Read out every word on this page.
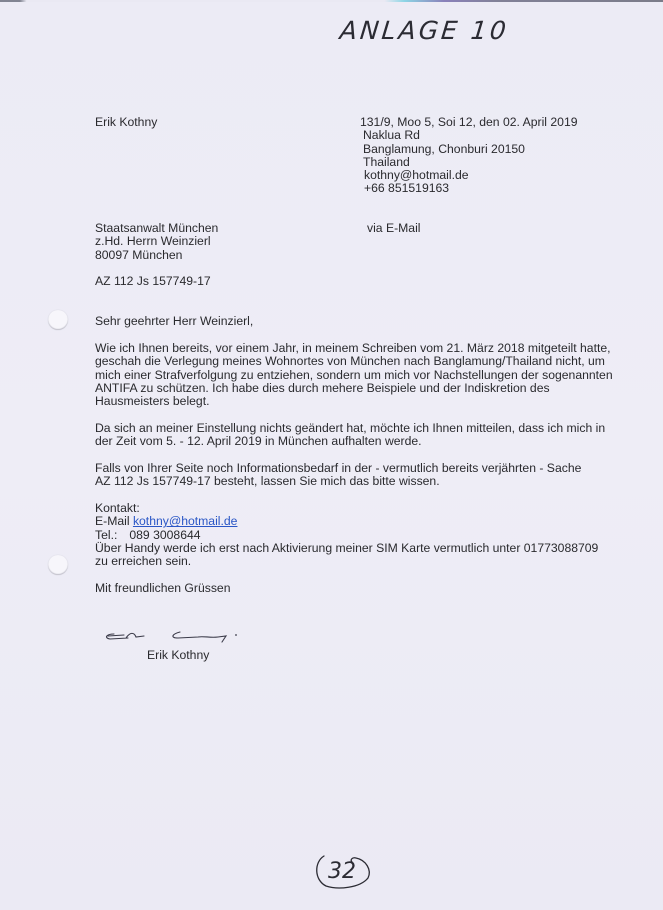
ANLAGE 10
Erik Kothny	131/9, Moo 5, Soi 12, den 02. April 2019
Naklua Rd
Banglamung, Chonburi 20150
Thailand
kothny@hotmail.de
+66 851519163
Staatsanwalt München
z.Hd. Herrn Weinzierl
80097 München
via E-Mail
AZ 112 Js 157749-17
Sehr geehrter Herr Weinzierl,
Wie ich Ihnen bereits, vor einem Jahr, in meinem Schreiben vom 21. März 2018 mitgeteilt hatte,
geschah die Verlegung meines Wohnortes von München nach Banglamung/Thailand nicht, um
mich einer Strafverfolgung zu entziehen, sondern um mich vor Nachstellungen der sogenannten
ANTIFA zu schützen. Ich habe dies durch mehere Beispiele und der Indiskretion des
Hausmeisters belegt.
Da sich an meiner Einstellung nichts geändert hat, möchte ich Ihnen mitteilen, dass ich mich in
der Zeit vom 5. - 12. April 2019 in München aufhalten werde.
Falls von Ihrer Seite noch Informationsbedarf in der - vermutlich bereits verjährten - Sache
AZ 112 Js 157749-17 besteht, lassen Sie mich das bitte wissen.
Kontakt:
E-Mail kothny@hotmail.de
Tel.: 089 3008644
Über Handy werde ich erst nach Aktivierung meiner SIM Karte vermutlich unter 01773088709
zu erreichen sein.
Mit freundlichen Grüssen
Erik Kothny
32
